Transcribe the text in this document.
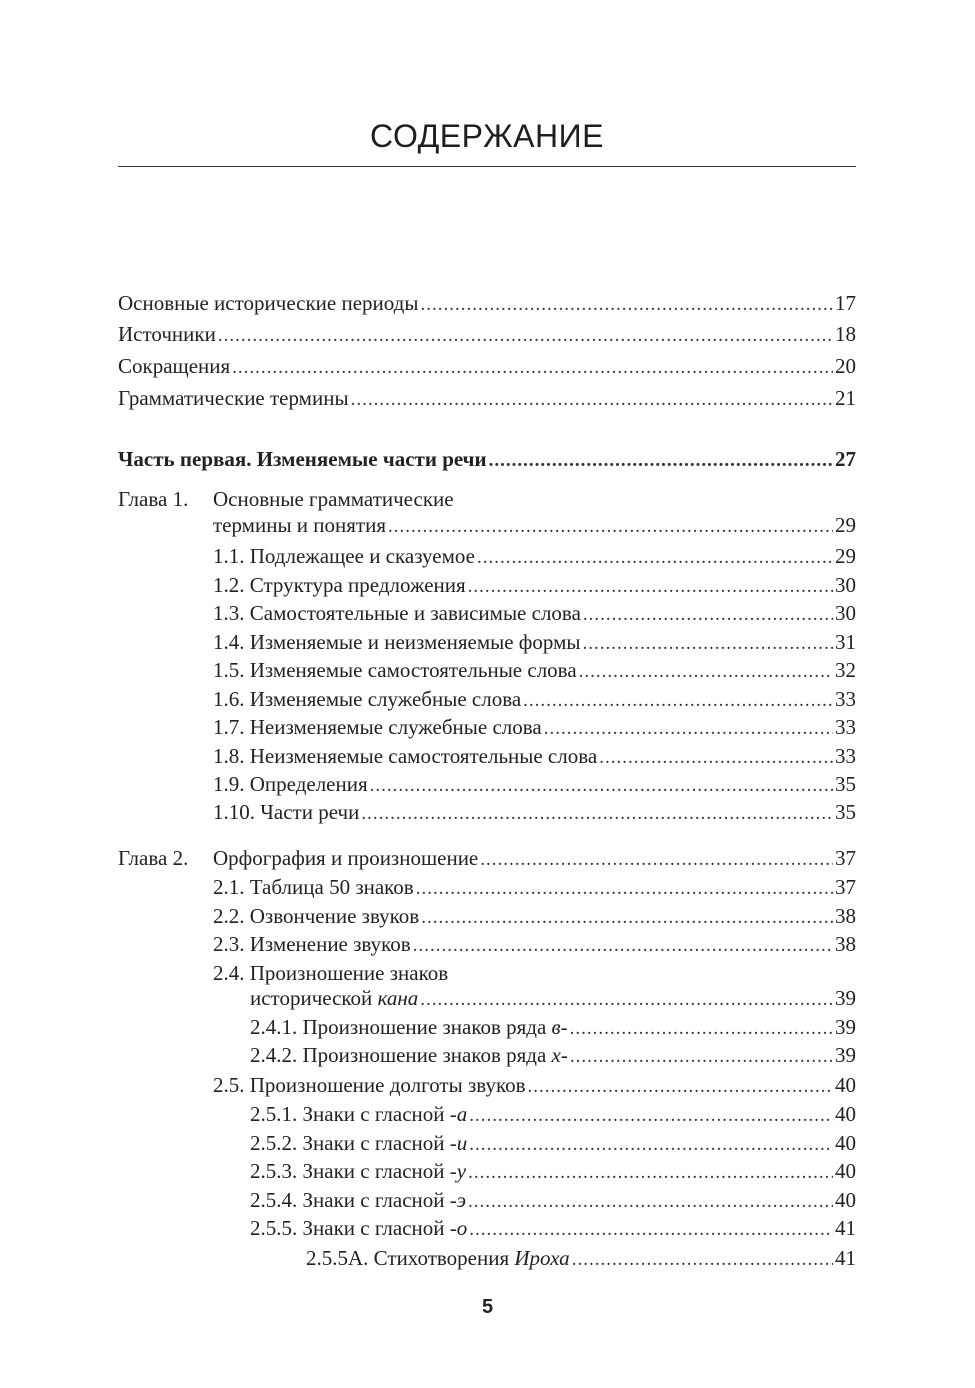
СОДЕРЖАНИЕ
Основные исторические периоды .....	17
Источники .....	18
Сокращения .....	20
Грамматические термины .....	21
Часть первая. Изменяемые части речи .....	27
Глава 1. Основные грамматические
термины и понятия .....	29
1.1. Подлежащее и сказуемое .....	29
1.2. Структура предложения .....	30
1.3. Самостоятельные и зависимые слова .....	30
1.4. Изменяемые и неизменяемые формы .....	31
1.5. Изменяемые самостоятельные слова .....	32
1.6. Изменяемые служебные слова .....	33
1.7. Неизменяемые служебные слова .....	33
1.8. Неизменяемые самостоятельные слова .....	33
1.9. Определения .....	35
1.10. Части речи .....	35
Глава 2. Орфография и произношение .....	37
2.1. Таблица 50 знаков .....	37
2.2. Озвончение звуков .....	38
2.3. Изменение звуков .....	38
2.4. Произношение знаков
исторической кана .....	39
2.4.1. Произношение знаков ряда в- .....	39
2.4.2. Произношение знаков ряда х- .....	39
2.5. Произношение долготы звуков .....	40
2.5.1. Знаки с гласной -а .....	40
2.5.2. Знаки с гласной -и .....	40
2.5.3. Знаки с гласной -у .....	40
2.5.4. Знаки с гласной -э .....	40
2.5.5. Знаки с гласной -о .....	41
2.5.5А. Стихотворения Ироха .....	41
5
